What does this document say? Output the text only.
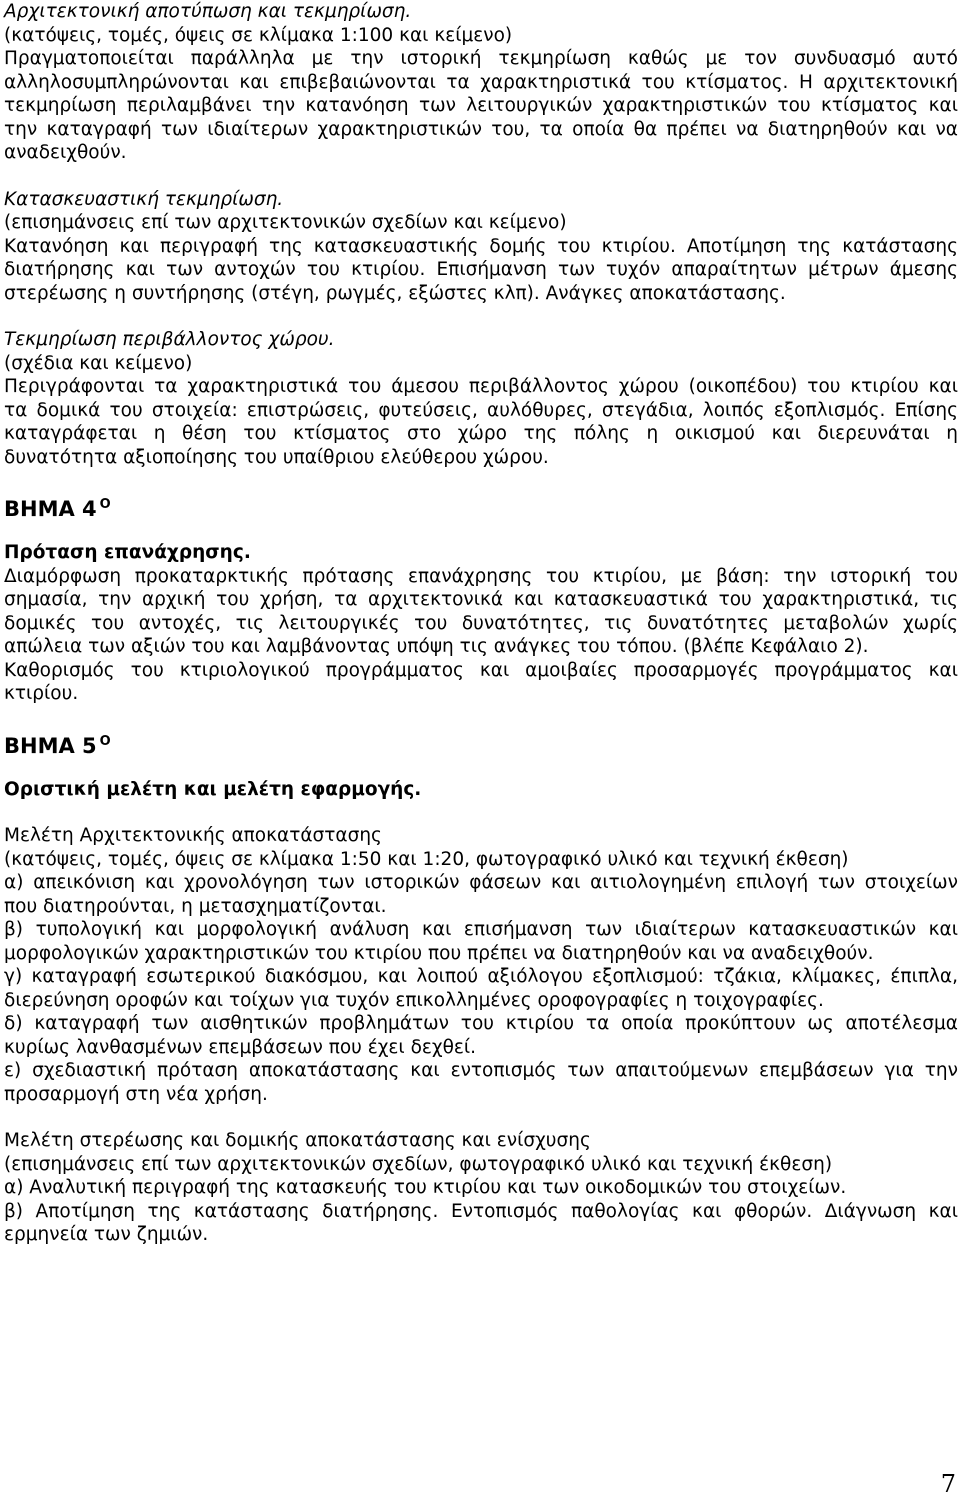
Αρχιτεκτονική αποτύπωση και τεκμηρίωση.
(κατόψεις, τομές, όψεις σε κλίμακα 1:100 και κείμενο)
Πραγματοποιείται παράλληλα με την ιστορική τεκμηρίωση καθώς με τον συνδυασμό αυτό
αλληλοσυμπληρώνονται και επιβεβαιώνονται τα χαρακτηριστικά του κτίσματος. Η αρχιτεκτονική
τεκμηρίωση περιλαμβάνει την κατανόηση των λειτουργικών χαρακτηριστικών του κτίσματος και
την καταγραφή των ιδιαίτερων χαρακτηριστικών του, τα οποία θα πρέπει να διατηρηθούν και να
αναδειχθούν.
Κατασκευαστική τεκμηρίωση.
(επισημάνσεις επί των αρχιτεκτονικών σχεδίων και κείμενο)
Κατανόηση και περιγραφή της κατασκευαστικής δομής του κτιρίου. Αποτίμηση της κατάστασης
διατήρησης και των αντοχών του κτιρίου. Επισήμανση των τυχόν απαραίτητων μέτρων άμεσης
στερέωσης η συντήρησης (στέγη, ρωγμές, εξώστες κλπ). Ανάγκες αποκατάστασης.
Τεκμηρίωση περιβάλλοντος χώρου.
(σχέδια και κείμενο)
Περιγράφονται τα χαρακτηριστικά του άμεσου περιβάλλοντος χώρου (οικοπέδου) του κτιρίου και
τα δομικά του στοιχεία: επιστρώσεις, φυτεύσεις, αυλόθυρες, στεγάδια, λοιπός εξοπλισμός. Επίσης
καταγράφεται η θέση του κτίσματος στο χώρο της πόλης η οικισμού και διερευνάται η
δυνατότητα αξιοποίησης του υπαίθριου ελεύθερου χώρου.
ΒΗΜΑ 4 $^O$
Πρόταση επανάχρησης.
Διαμόρφωση προκαταρκτικής πρότασης επανάχρησης του κτιρίου, με βάση: την ιστορική του
σημασία, την αρχική του χρήση, τα αρχιτεκτονικά και κατασκευαστικά του χαρακτηριστικά, τις
δομικές του αντοχές, τις λειτουργικές του δυνατότητες, τις δυνατότητες μεταβολών χωρίς
απώλεια των αξιών του και λαμβάνοντας υπόψη τις ανάγκες του τόπου. (βλέπε Κεφάλαιο 2).
Καθορισμός του κτιριολογικού προγράμματος και αμοιβαίες προσαρμογές προγράμματος και
κτιρίου.
ΒΗΜΑ 5 $^O$
Οριστική μελέτη και μελέτη εφαρμογής.
Μελέτη Αρχιτεκτονικής αποκατάστασης
(κατόψεις, τομές, όψεις σε κλίμακα 1:50 και 1:20, φωτογραφικό υλικό και τεχνική έκθεση)
α) απεικόνιση και χρονολόγηση των ιστορικών φάσεων και αιτιολογημένη επιλογή των στοιχείων
που διατηρούνται, η μετασχηματίζονται.
β) τυπολογική και μορφολογική ανάλυση και επισήμανση των ιδιαίτερων κατασκευαστικών και
μορφολογικών χαρακτηριστικών του κτιρίου που πρέπει να διατηρηθούν και να αναδειχθούν.
γ) καταγραφή εσωτερικού διακόσμου, και λοιπού αξιόλογου εξοπλισμού: τζάκια, κλίμακες, έπιπλα,
διερεύνηση οροφών και τοίχων για τυχόν επικολλημένες οροφογραφίες η τοιχογραφίες.
δ) καταγραφή των αισθητικών προβλημάτων του κτιρίου τα οποία προκύπτουν ως αποτέλεσμα
κυρίως λανθασμένων επεμβάσεων που έχει δεχθεί.
ε) σχεδιαστική πρόταση αποκατάστασης και εντοπισμός των απαιτούμενων επεμβάσεων για την
προσαρμογή στη νέα χρήση.
Μελέτη στερέωσης και δομικής αποκατάστασης και ενίσχυσης
(επισημάνσεις επί των αρχιτεκτονικών σχεδίων, φωτογραφικό υλικό και τεχνική έκθεση)
α) Αναλυτική περιγραφή της κατασκευής του κτιρίου και των οικοδομικών του στοιχείων.
β) Αποτίμηση της κατάστασης διατήρησης. Εντοπισμός παθολογίας και φθορών. Διάγνωση και
ερμηνεία των ζημιών.
7
